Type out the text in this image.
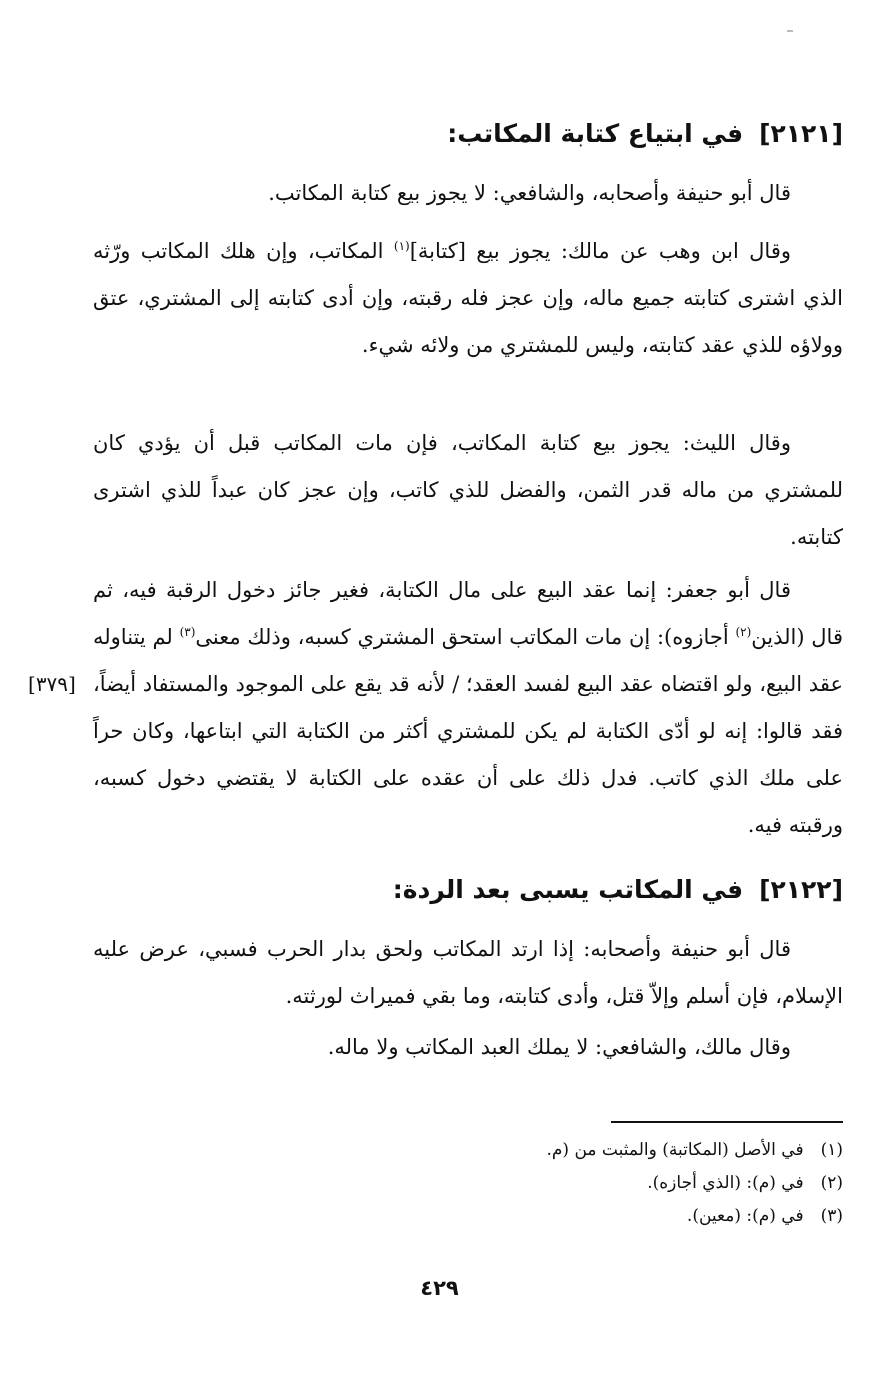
[٢١٢١]في ابتياع كتابة المكاتب:
قال أبو حنيفة وأصحابه، والشافعي: لا يجوز بيع كتابة المكاتب.
وقال ابن وهب عن مالك: يجوز بيع [كتابة]$^{(١)}$ المكاتب، وإن هلك المكاتب ورّثه الذي اشترى كتابته جميع ماله، وإن عجز فله رقبته، وإن أدى كتابته إلى المشتري، عتق وولاؤه للذي عقد كتابته، وليس للمشتري من ولائه شيء.
وقال الليث: يجوز بيع كتابة المكاتب، فإن مات المكاتب قبل أن يؤدي كان للمشتري من ماله قدر الثمن، والفضل للذي كاتب، وإن عجز كان عبداً للذي اشترى كتابته.
قال أبو جعفر: إنما عقد البيع على مال الكتابة، فغير جائز دخول الرقبة فيه، ثم قال (الذين$^{(٢)}$ أجازوه): إن مات المكاتب استحق المشتري كسبه، وذلك معنى$^{(٣)}$ لم يتناوله عقد البيع، ولو اقتضاه عقد البيع لفسد العقد؛ / لأنه قد يقع على الموجود والمستفاد أيضاً، فقد قالوا: إنه لو أدّى الكتابة لم يكن للمشتري أكثر من الكتابة التي ابتاعها، وكان حراً على ملك الذي كاتب. فدل ذلك على أن عقده على الكتابة لا يقتضي دخول كسبه، ورقبته فيه.
[٣٧٩]
[٢١٢٢]في المكاتب يسبى بعد الردة:
قال أبو حنيفة وأصحابه: إذا ارتد المكاتب ولحق بدار الحرب فسبي، عرض عليه الإسلام، فإن أسلم وإلاّ قتل، وأدى كتابته، وما بقي فميراث لورثته.
وقال مالك، والشافعي: لا يملك العبد المكاتب ولا ماله.
(١) في الأصل (المكاتبة) والمثبت من (م.
(٢) في (م): (الذي أجازه).
(٣) في (م): (معين).
٤٢٩
